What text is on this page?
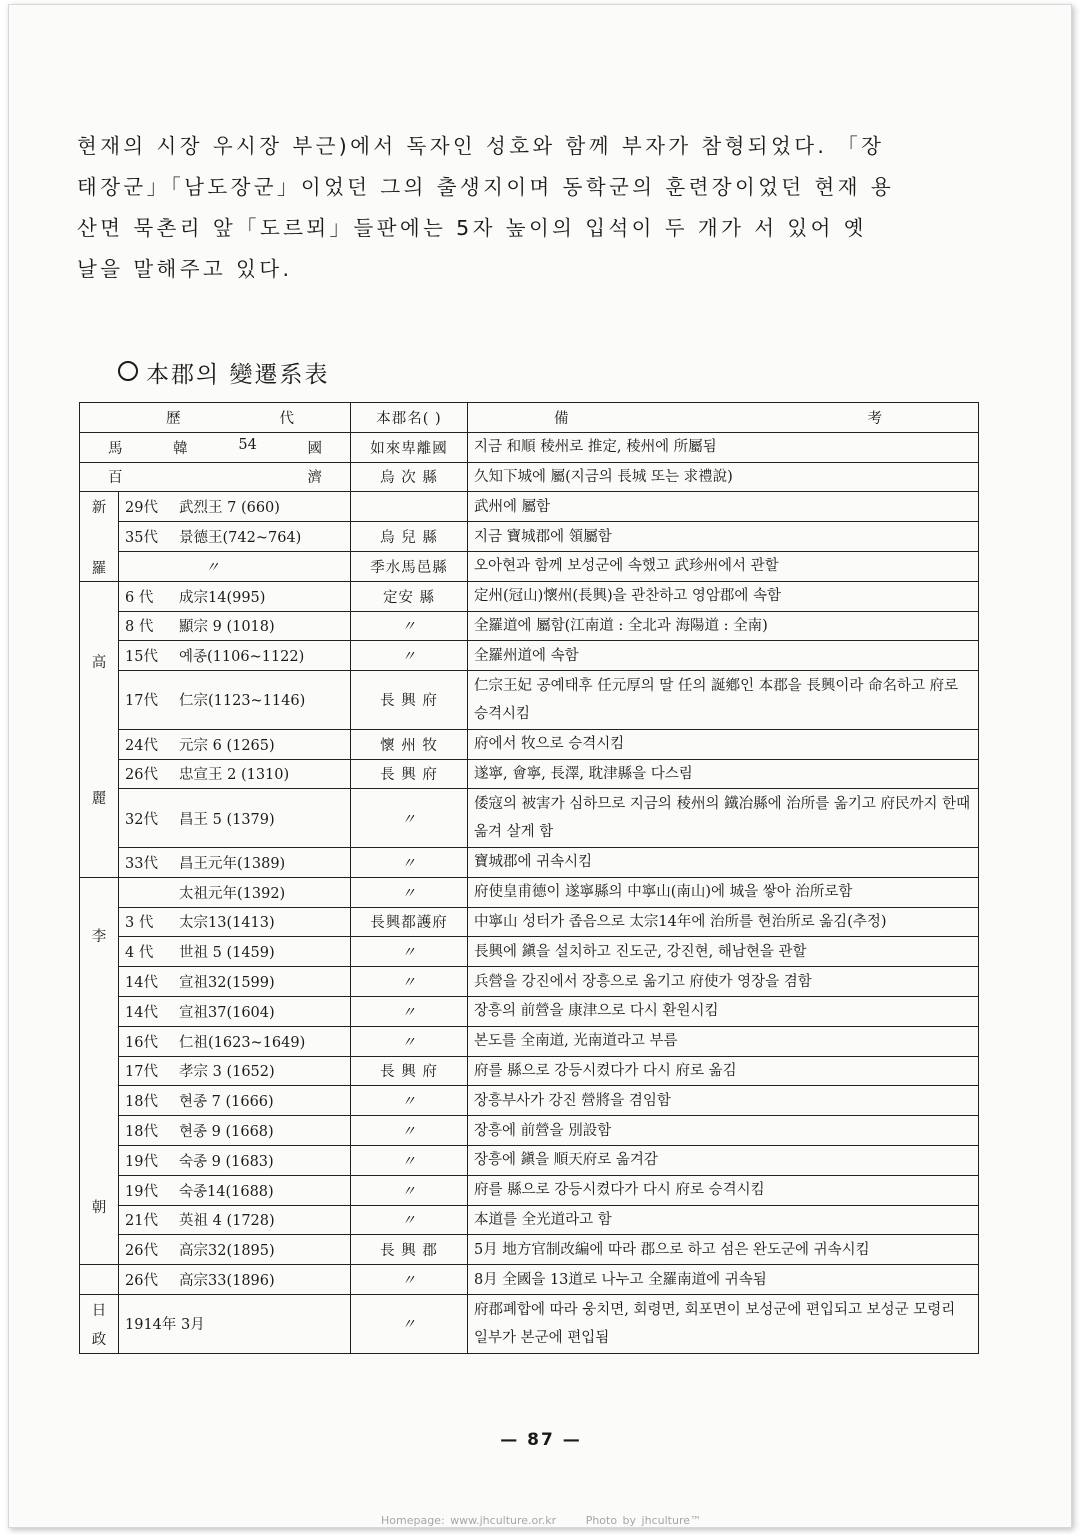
현재의 시장 우시장 부근)에서 독자인 성호와 함께 부자가 참형되었다. 「장
태장군」「남도장군」이었던 그의 출생지이며 동학군의 훈련장이었던 현재 용
산면 묵촌리 앞「도르뫼」들판에는 5자 높이의 입석이 두 개가 서 있어 옛
날을 말해주고 있다.
本郡의 變遷系表
歷 代		本郡名( )	備 考

馬 韓 54 國		如來卑離國	지금 和順 稜州로 推定, 稜州에 所屬됨

百 濟		烏 次 縣	久知下城에 屬(지금의 長城 또는 求禮說)

新
羅	29代 武烈王 7 (660)		武州에 屬함
	35代 景德王(742~764)	烏 兒 縣	지금 寶城郡에 領屬함
	〃	季水馬邑縣	오아현과 함께 보성군에 속했고 武珍州에서 관할

高
麗	6 代 成宗14(995)	定安 縣	定州(冠山)懷州(長興)을 관찬하고 영암郡에 속함
	8 代 顯宗 9 (1018)	〃	全羅道에 屬함(江南道 : 全北과 海陽道 : 全南)
	15代 예종(1106~1122)	〃	全羅州道에 속함
	17代 仁宗(1123~1146)	長 興 府	仁宗王妃 공예태후 任元厚의 딸 任의 誕鄕인 本郡을 長興이라 命名하고 府로 승격시킴
	24代 元宗 6 (1265)	懷 州 牧	府에서 牧으로 승격시킴
	26代 忠宣王 2 (1310)	長 興 府	遂寧, 會寧, 長澤, 耽津縣을 다스림
	32代 昌王 5 (1379)	〃	倭寇의 被害가 심하므로 지금의 稜州의 鐵冶縣에 治所를 옮기고 府民까지 한때 옮겨 살게 함
	33代 昌王元年(1389)	〃	寶城郡에 귀속시킴

李
朝	太祖元年(1392)	〃	府使皇甫德이 遂寧縣의 中寧山(南山)에 城을 쌓아 治所로함
	3 代 太宗13(1413)	長興都護府	中寧山 성터가 좁음으로 太宗14年에 治所를 현治所로 옮김(추정)
	4 代 世祖 5 (1459)	〃	長興에 鎭을 설치하고 진도군, 강진현, 해남현을 관할
	14代 宣祖32(1599)	〃	兵營을 강진에서 장흥으로 옮기고 府使가 영장을 겸함
	14代 宣祖37(1604)	〃	장흥의 前營을 康津으로 다시 환원시킴
	16代 仁祖(1623~1649)	〃	본도를 全南道, 光南道라고 부름
	17代 孝宗 3 (1652)	長 興 府	府를 縣으로 강등시켰다가 다시 府로 옮김
	18代 현종 7 (1666)	〃	장흥부사가 강진 營將을 겸임함
	18代 현종 9 (1668)	〃	장흥에 前營을 別設함
	19代 숙종 9 (1683)	〃	장흥에 鎭을 順天府로 옮겨감
	19代 숙종14(1688)	〃	府를 縣으로 강등시켰다가 다시 府로 승격시킴
	21代 英祖 4 (1728)	〃	本道를 全光道라고 함
	26代 高宗32(1895)	長 興 郡	5月 地方官制改編에 따라 郡으로 하고 섬은 완도군에 귀속시킴
	26代 高宗33(1896)	〃	8月 全國을 13道로 나누고 全羅南道에 귀속됨

日
政	1914年 3月	〃	府郡폐합에 따라 웅치면, 회령면, 회포면이 보성군에 편입되고 보성군 모령리 일부가 본군에 편입됨
— 87 —
Homepage: www.jhculture.or.kr	Photo by jhculture™
